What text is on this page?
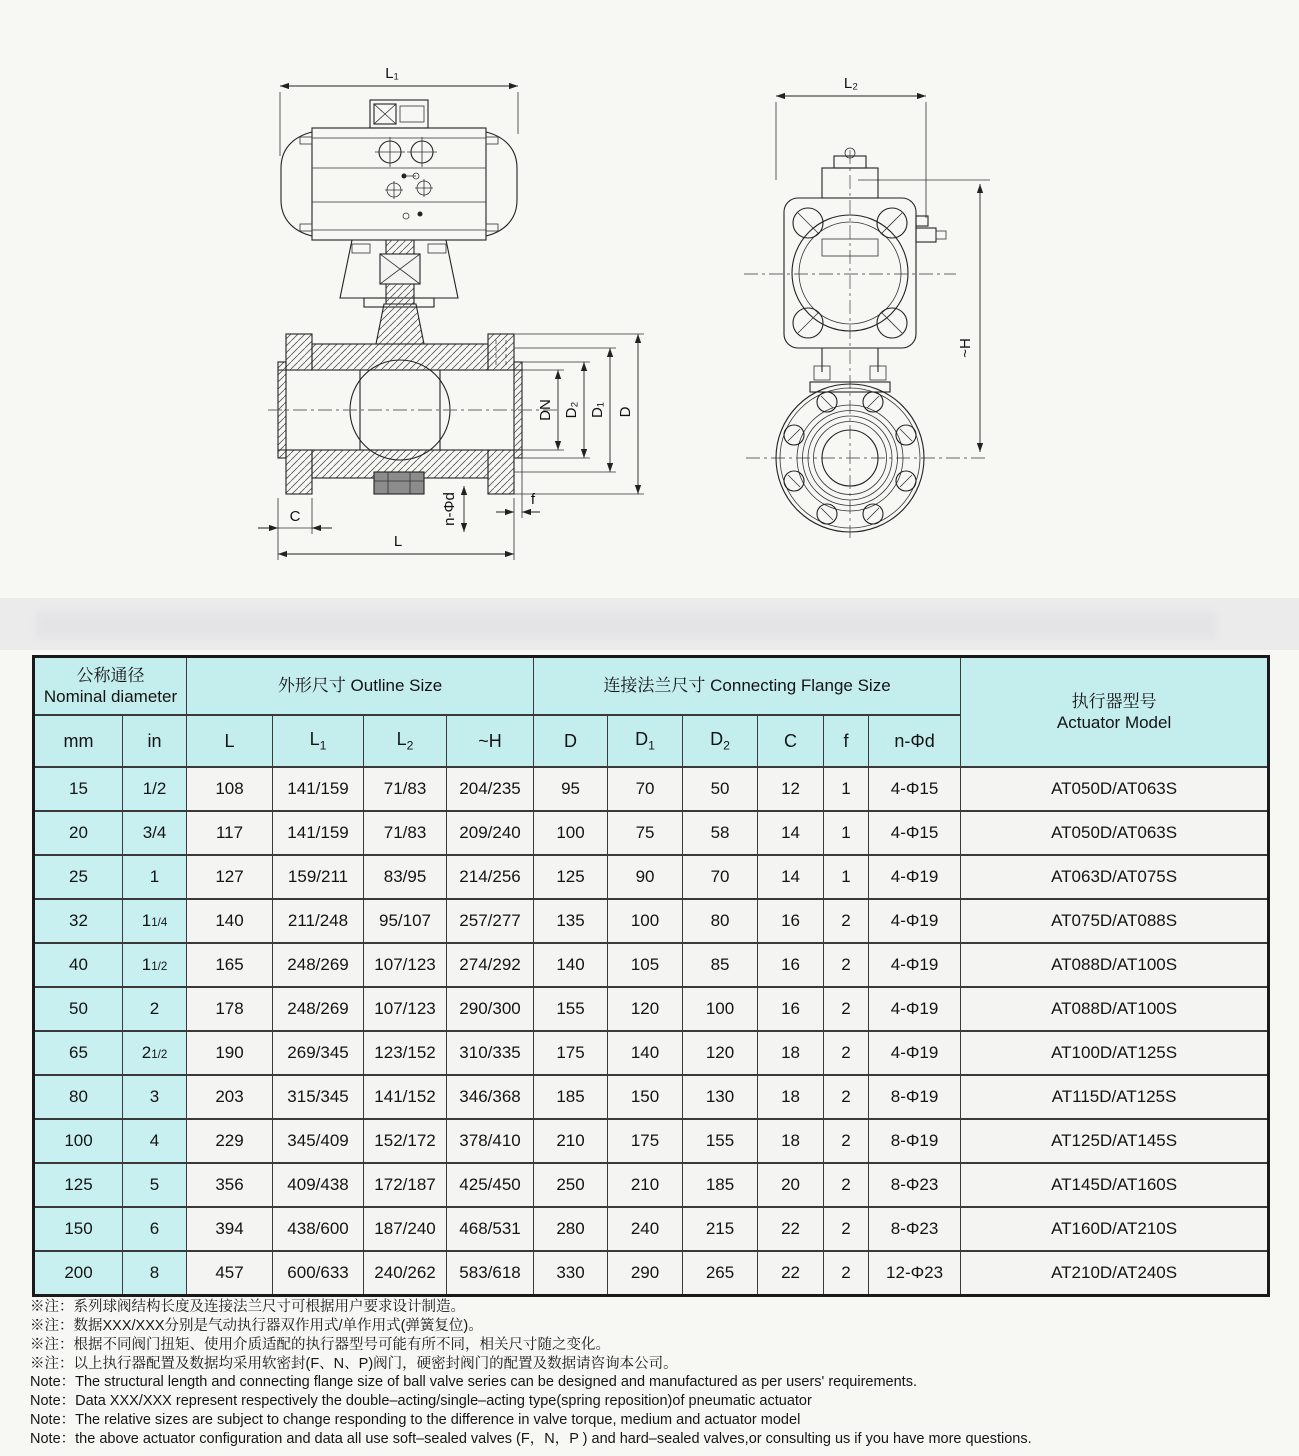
L₁
DN D₂ D₁ D
C	n-Φd	f
L
L₂
~H
公称通径
Nominal diameter
	外形尺寸 Outline Size	连接法兰尺寸 Connecting Flange Size	
执行器型号
Actuator Model

mm	in	L	$L_1$	$L_2$	~H	D	$D_1$	$D_2$	C	f	n-Φd	
15	1/2	108	141/159	71/83	204/235	95	70	50	12	1	4-Φ15	AT050D/AT063S
20	3/4	117	141/159	71/83	209/240	100	75	58	14	1	4-Φ15	AT050D/AT063S
25	1	127	159/211	83/95	214/256	125	90	70	14	1	4-Φ19	AT063D/AT075S
32	11/4	140	211/248	95/107	257/277	135	100	80	16	2	4-Φ19	AT075D/AT088S
40	11/2	165	248/269	107/123	274/292	140	105	85	16	2	4-Φ19	AT088D/AT100S
50	2	178	248/269	107/123	290/300	155	120	100	16	2	4-Φ19	AT088D/AT100S
65	21/2	190	269/345	123/152	310/335	175	140	120	18	2	4-Φ19	AT100D/AT125S
80	3	203	315/345	141/152	346/368	185	150	130	18	2	8-Φ19	AT115D/AT125S
100	4	229	345/409	152/172	378/410	210	175	155	18	2	8-Φ19	AT125D/AT145S
125	5	356	409/438	172/187	425/450	250	210	185	20	2	8-Φ23	AT145D/AT160S
150	6	394	438/600	187/240	468/531	280	240	215	22	2	8-Φ23	AT160D/AT210S
200	8	457	600/633	240/262	583/618	330	290	265	22	2	12-Φ23	AT210D/AT240S
※注：系列球阀结构长度及连接法兰尺寸可根据用户要求设计制造。
※注：数据XXX/XXX分别是气动执行器双作用式/单作用式(弹簧复位)。
※注：根据不同阀门扭矩、使用介质适配的执行器型号可能有所不同，相关尺寸随之变化。
※注：以上执行器配置及数据均采用软密封(F、N、P)阀门，硬密封阀门的配置及数据请咨询本公司。
Note：The structural length and connecting flange size of ball valve series can be designed and manufactured as per users' requirements.
Note：Data XXX/XXX represent respectively the double–acting/single–acting type(spring reposition)of pneumatic actuator
Note：The relative sizes are subject to change responding to the difference in valve torque, medium and actuator model
Note：the above actuator configuration and data all use soft–sealed valves (F，N，P ) and hard–sealed valves,or consulting us if you have more questions.
